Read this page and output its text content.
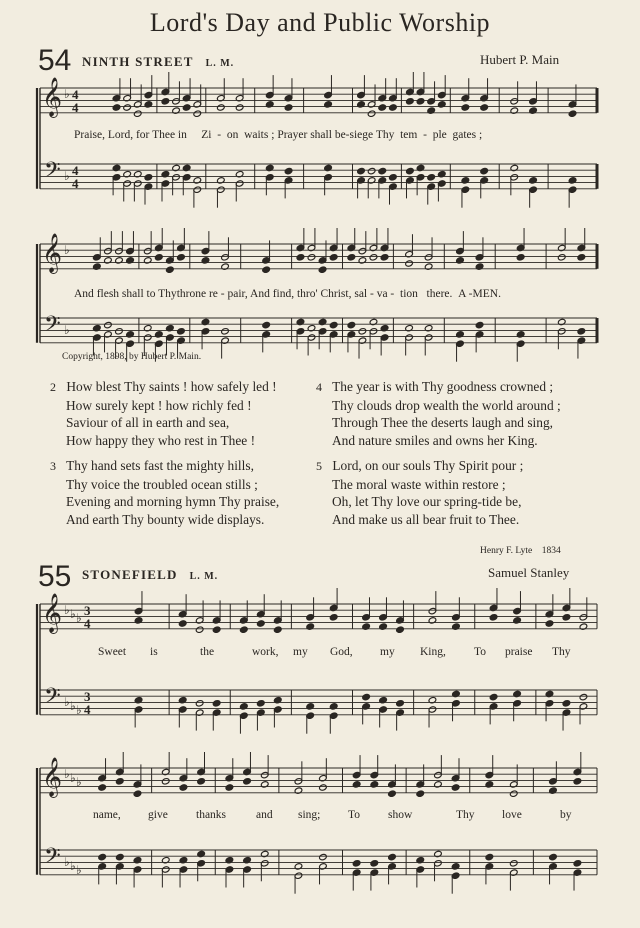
Lord's Day and Public Worship
54 NINTH STREET L. M.	Hubert P. Main
𝄞
𝄢
♭
♭
4
4
4
4
𝄞
𝄢
♭
♭
𝄞
𝄢
♭
♭
♭
♭
♭
♭
3
4
3
4
𝄞
𝄢
♭
♭
♭
♭
♭
♭
Praise, Lord, for Thee in Zi - on waits ; Prayer shall be-siege Thy tem - ple gates ;
And flesh shall to Thythrone re - pair, And find, thro' Christ, sal - va - tion there. A -MEN.
Copyright, 1898, by Hubert P. Main.
2 How blest Thy saints ! how safely led !
How surely kept ! how richly fed !
Saviour of all in earth and sea,
How happy they who rest in Thee !
3 Thy hand sets fast the mighty hills,
Thy voice the troubled ocean stills ;
Evening and morning hymn Thy praise,
And earth Thy bounty wide displays.
4 The year is with Thy goodness crowned ;
Thy clouds drop wealth the world around ;
Through Thee the deserts laugh and sing,
And nature smiles and owns her King.
5 Lord, on our souls Thy Spirit pour ;
The moral waste within restore ;
Oh, let Thy love our spring-tide be,
And make us all bear fruit to Thee.
Henry F. Lyte 1834
55 STONEFIELD L. M.	Samuel Stanley
Sweet is	the	work, my God, my King, To praise Thy
name, give thanks	and sing; To show	Thy love	by
